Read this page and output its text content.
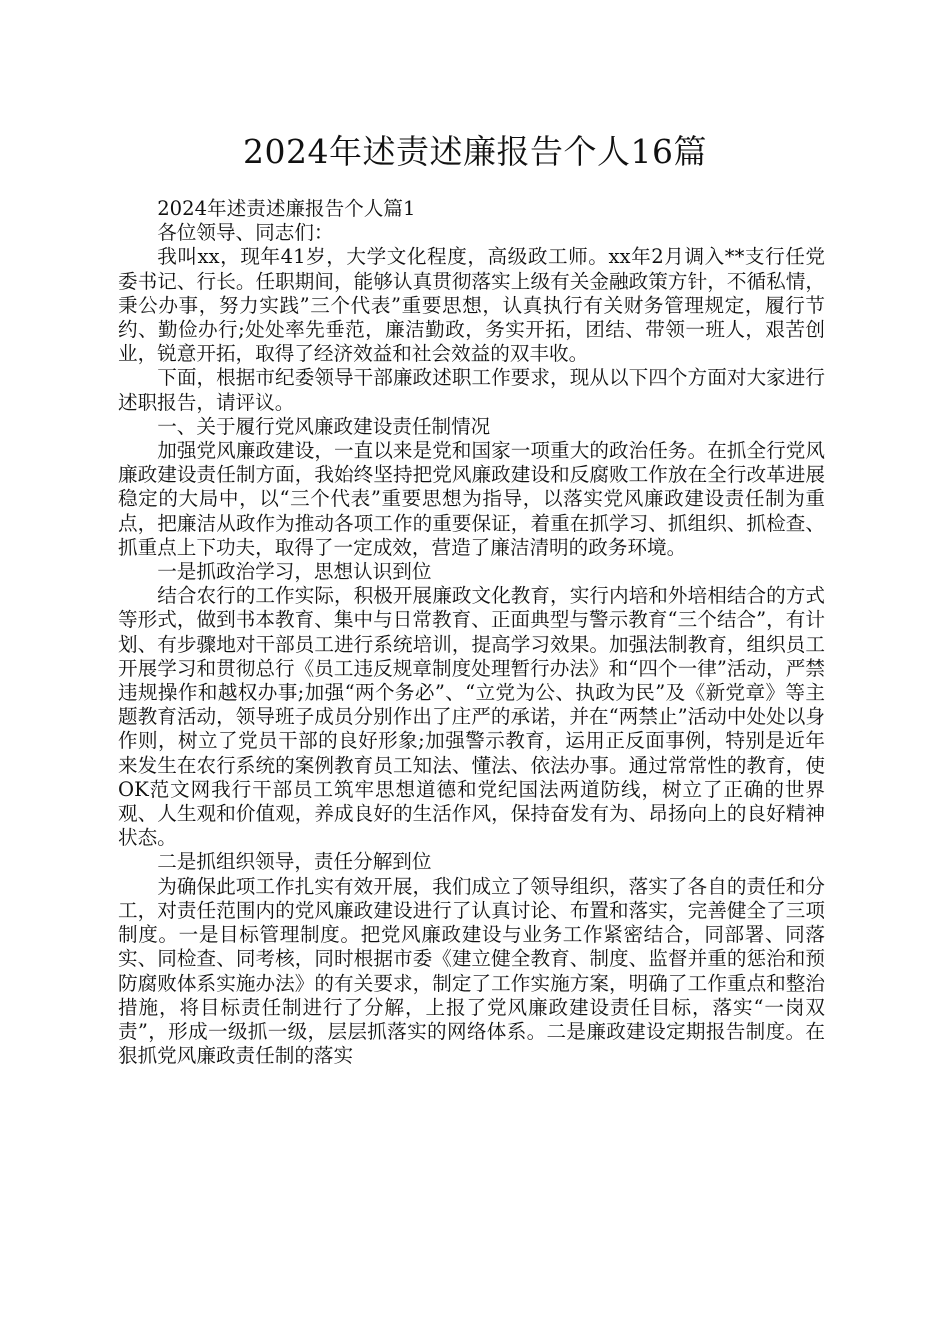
2024年述责述廉报告个人16篇

2024年述责述廉报告个人篇1

各位领导、同志们：

我叫xx，现年41岁，大学文化程度，高级政工师。xx年2月调入**支行任党委书记、行长。任职期间，能够认真贯彻落实上级有关金融政策方针，不循私情，秉公办事，努力实践”三个代表”重要思想，认真执行有关财务管理规定，履行节约、勤俭办行;处处率先垂范，廉洁勤政，务实开拓，团结、带领一班人，艰苦创业，锐意开拓，取得了经济效益和社会效益的双丰收。

下面，根据市纪委领导干部廉政述职工作要求，现从以下四个方面对大家进行述职报告，请评议。

一、关于履行党风廉政建设责任制情况

加强党风廉政建设，一直以来是党和国家一项重大的政治任务。在抓全行党风廉政建设责任制方面，我始终坚持把党风廉政建设和反腐败工作放在全行改革进展稳定的大局中，以“三个代表”重要思想为指导，以落实党风廉政建设责任制为重点，把廉洁从政作为推动各项工作的重要保证，着重在抓学习、抓组织、抓检查、抓重点上下功夫，取得了一定成效，营造了廉洁清明的政务环境。

一是抓政治学习，思想认识到位

结合农行的工作实际，积极开展廉政文化教育，实行内培和外培相结合的方式等形式，做到书本教育、集中与日常教育、正面典型与警示教育“三个结合”，有计划、有步骤地对干部员工进行系统培训，提高学习效果。加强法制教育，组织员工开展学习和贯彻总行《员工违反规章制度处理暂行办法》和“四个一律”活动，严禁违规操作和越权办事;加强“两个务必”、“立党为公、执政为民”及《新党章》等主题教育活动，领导班子成员分别作出了庄严的承诺，并在“两禁止”活动中处处以身作则，树立了党员干部的良好形象;加强警示教育，运用正反面事例，特别是近年来发生在农行系统的案例教育员工知法、懂法、依法办事。通过常常性的教育，使OK范文网我行干部员工筑牢思想道德和党纪国法两道防线，树立了正确的世界观、人生观和价值观，养成良好的生活作风，保持奋发有为、昂扬向上的良好精神状态。

二是抓组织领导，责任分解到位

为确保此项工作扎实有效开展，我们成立了领导组织，落实了各自的责任和分工，对责任范围内的党风廉政建设进行了认真讨论、布置和落实，完善健全了三项制度。一是目标管理制度。把党风廉政建设与业务工作紧密结合，同部署、同落实、同检查、同考核，同时根据市委《建立健全教育、制度、监督并重的惩治和预防腐败体系实施办法》的有关要求，制定了工作实施方案，明确了工作重点和整治措施，将目标责任制进行了分解，上报了党风廉政建设责任目标，落实“一岗双责”，形成一级抓一级，层层抓落实的网络体系。二是廉政建设定期报告制度。在狠抓党风廉政责任制的落实
